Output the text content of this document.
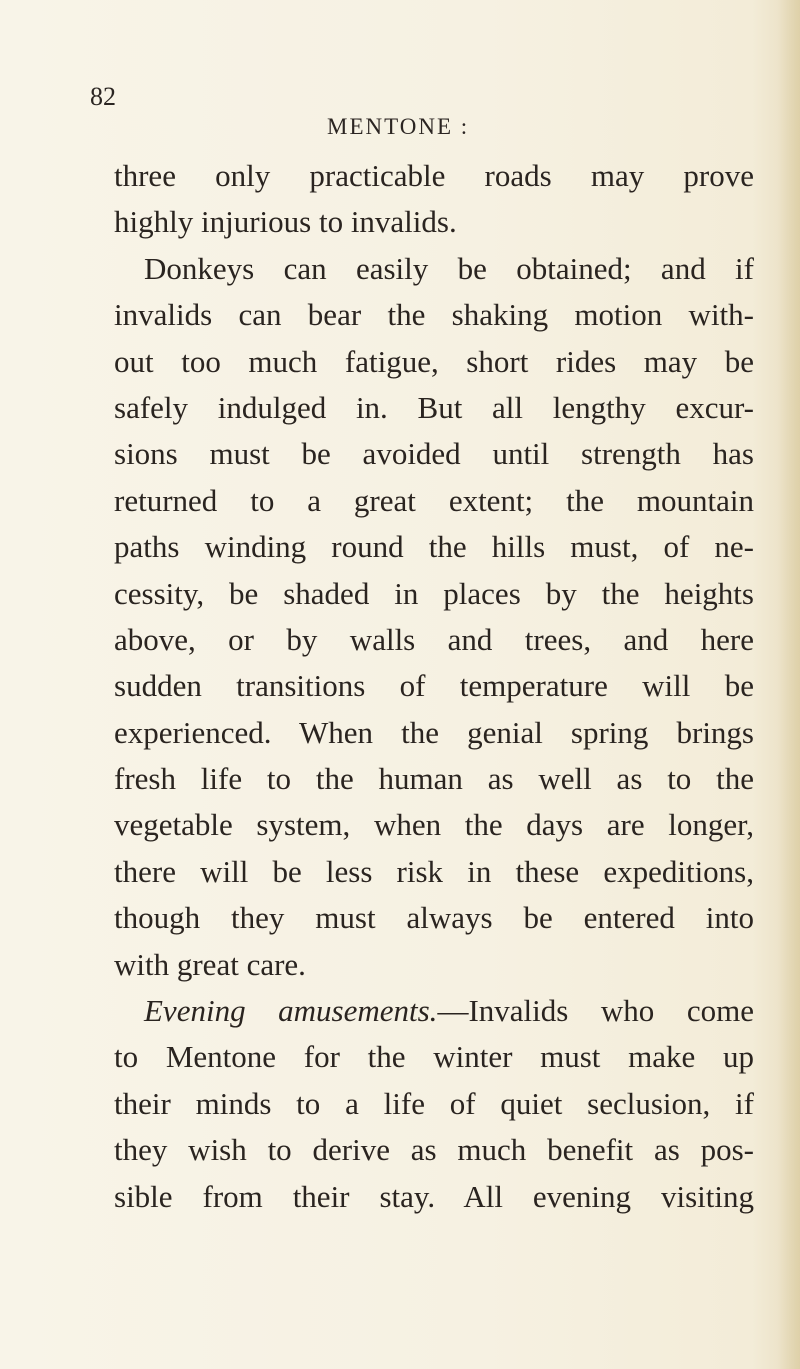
82
MENTONE :
three only practicable roads may prove
highly injurious to invalids.
Donkeys can easily be obtained; and if
invalids can bear the shaking motion with-
out too much fatigue, short rides may be
safely indulged in. But all lengthy excur-
sions must be avoided until strength has
returned to a great extent; the mountain
paths winding round the hills must, of ne-
cessity, be shaded in places by the heights
above, or by walls and trees, and here
sudden transitions of temperature will be
experienced. When the genial spring brings
fresh life to the human as well as to the
vegetable system, when the days are longer,
there will be less risk in these expeditions,
though they must always be entered into
with great care.
Evening amusements.—Invalids who come
to Mentone for the winter must make up
their minds to a life of quiet seclusion, if
they wish to derive as much benefit as pos-
sible from their stay. All evening visiting
